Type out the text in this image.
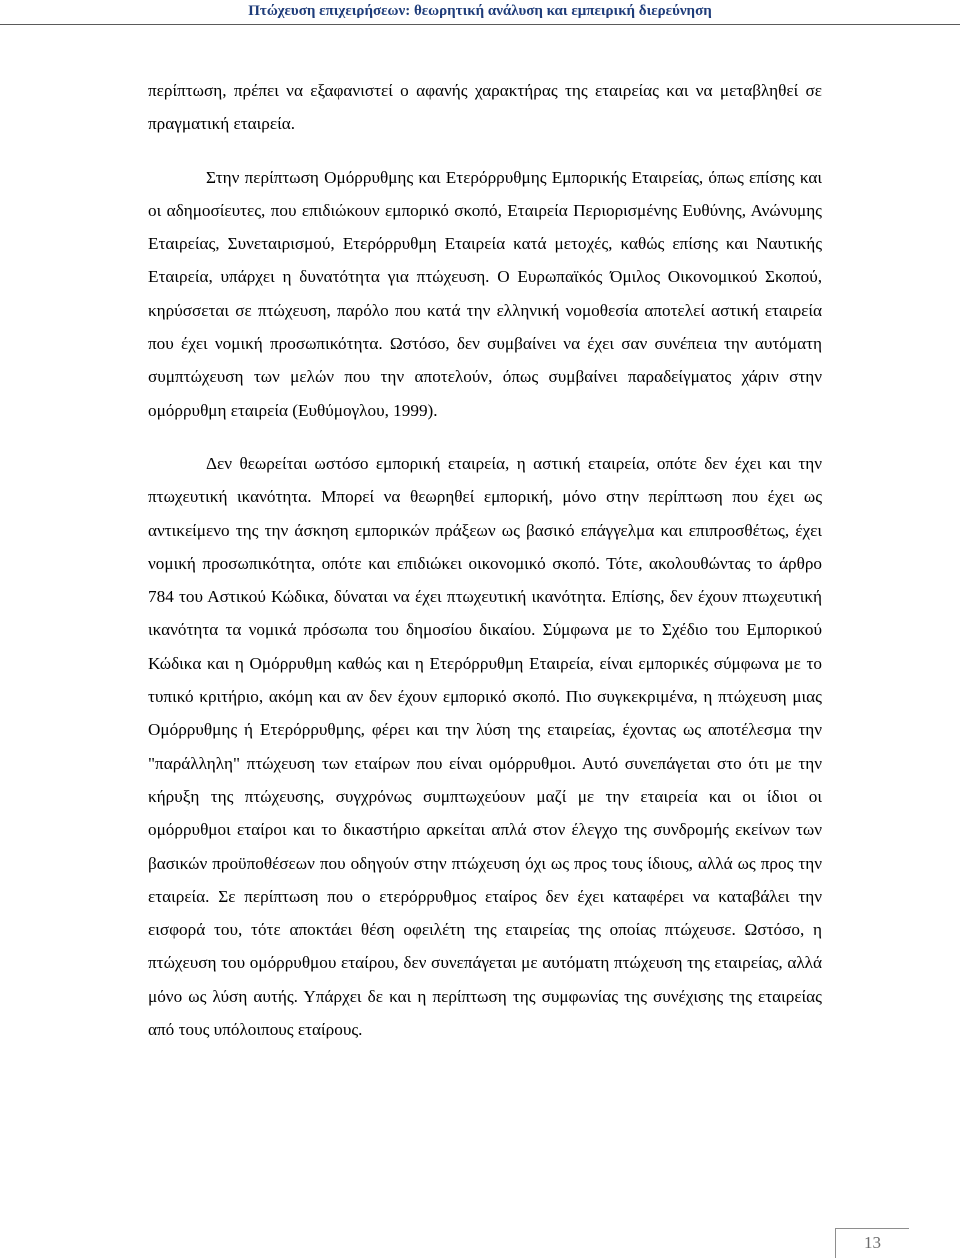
Πτώχευση επιχειρήσεων: θεωρητική ανάλυση και εμπειρική διερεύνηση

περίπτωση, πρέπει να εξαφανιστεί ο αφανής χαρακτήρας της εταιρείας και να μεταβληθεί σε πραγματική εταιρεία.

Στην περίπτωση Ομόρρυθμης και Ετερόρρυθμης Εμπορικής Εταιρείας, όπως επίσης και οι αδημοσίευτες, που επιδιώκουν εμπορικό σκοπό, Εταιρεία Περιορισμένης Ευθύνης, Ανώνυμης Εταιρείας, Συνεταιρισμού, Ετερόρρυθμη Εταιρεία κατά μετοχές, καθώς επίσης και Ναυτικής Εταιρεία, υπάρχει η δυνατότητα για πτώχευση. Ο Ευρωπαϊκός Όμιλος Οικονομικού Σκοπού, κηρύσσεται σε πτώχευση, παρόλο που κατά την ελληνική νομοθεσία αποτελεί αστική εταιρεία που έχει νομική προσωπικότητα. Ωστόσο, δεν συμβαίνει να έχει σαν συνέπεια την αυτόματη συμπτώχευση των μελών που την αποτελούν, όπως συμβαίνει παραδείγματος χάριν στην ομόρρυθμη εταιρεία (Ευθύμογλου, 1999).

Δεν θεωρείται ωστόσο εμπορική εταιρεία, η αστική εταιρεία, οπότε δεν έχει και την πτωχευτική ικανότητα. Μπορεί να θεωρηθεί εμπορική, μόνο στην περίπτωση που έχει ως αντικείμενο της την άσκηση εμπορικών πράξεων ως βασικό επάγγελμα και επιπροσθέτως, έχει νομική προσωπικότητα, οπότε και επιδιώκει οικονομικό σκοπό. Τότε, ακολουθώντας το άρθρο 784 του Αστικού Κώδικα, δύναται να έχει πτωχευτική ικανότητα. Επίσης, δεν έχουν πτωχευτική ικανότητα τα νομικά πρόσωπα του δημοσίου δικαίου. Σύμφωνα με το Σχέδιο του Εμπορικού Κώδικα και η Ομόρρυθμη καθώς και η Ετερόρρυθμη Εταιρεία, είναι εμπορικές σύμφωνα με το τυπικό κριτήριο, ακόμη και αν δεν έχουν εμπορικό σκοπό. Πιο συγκεκριμένα, η πτώχευση μιας Ομόρρυθμης ή Ετερόρρυθμης, φέρει και την λύση της εταιρείας, έχοντας ως αποτέλεσμα την "παράλληλη" πτώχευση των εταίρων που είναι ομόρρυθμοι. Αυτό συνεπάγεται στο ότι με την κήρυξη της πτώχευσης, συγχρόνως συμπτωχεύουν μαζί με την εταιρεία και οι ίδιοι οι ομόρρυθμοι εταίροι και το δικαστήριο αρκείται απλά στον έλεγχο της συνδρομής εκείνων των βασικών προϋποθέσεων που οδηγούν στην πτώχευση όχι ως προς τους ίδιους, αλλά ως προς την εταιρεία. Σε περίπτωση που ο ετερόρρυθμος εταίρος δεν έχει καταφέρει να καταβάλει την εισφορά του, τότε αποκτάει θέση οφειλέτη της εταιρείας της οποίας πτώχευσε. Ωστόσο, η πτώχευση του ομόρρυθμου εταίρου, δεν συνεπάγεται με αυτόματη πτώχευση της εταιρείας, αλλά μόνο ως λύση αυτής. Υπάρχει δε και η περίπτωση της συμφωνίας της συνέχισης της εταιρείας από τους υπόλοιπους εταίρους.

13
